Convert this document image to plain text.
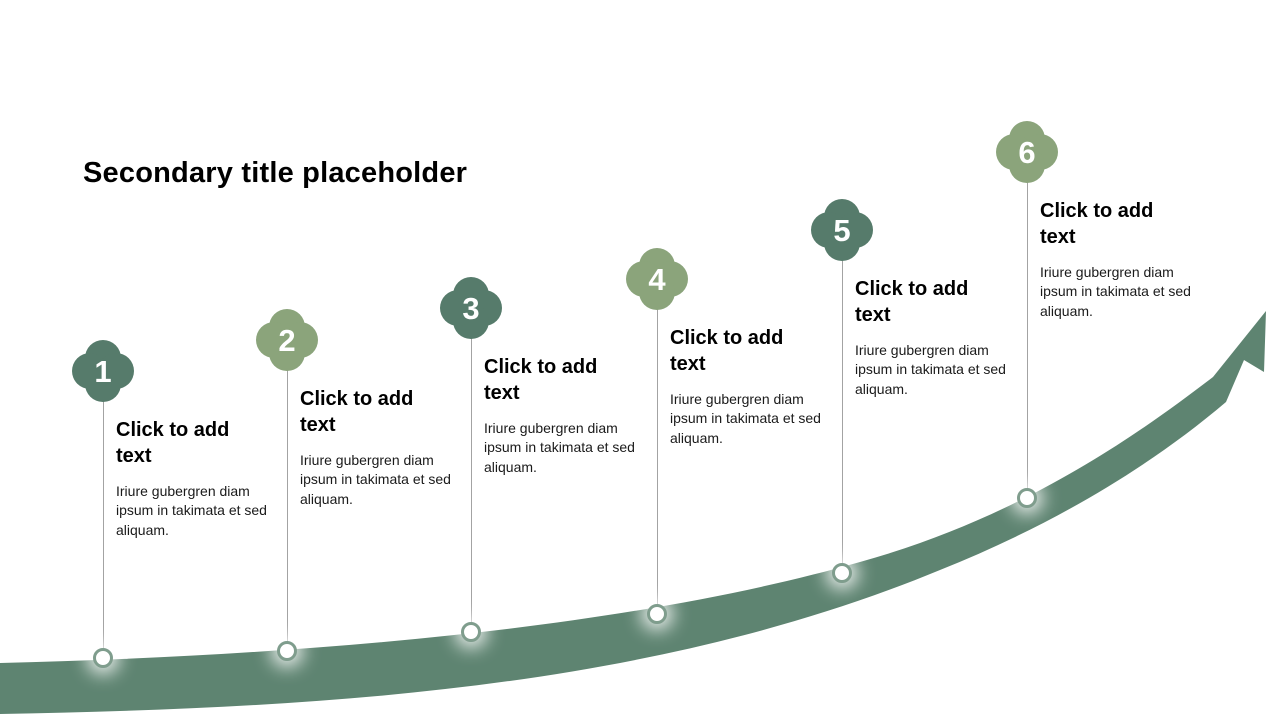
Secondary title placeholder
1
Click to add text

Iriure gubergren diam ipsum in takimata et sed aliquam.

2
Click to add text

Iriure gubergren diam ipsum in takimata et sed aliquam.

3
Click to add text

Iriure gubergren diam ipsum in takimata et sed aliquam.

4
Click to add text

Iriure gubergren diam ipsum in takimata et sed aliquam.

5
Click to add text

Iriure gubergren diam ipsum in takimata et sed aliquam.

6
Click to add text

Iriure gubergren diam ipsum in takimata et sed aliquam.
